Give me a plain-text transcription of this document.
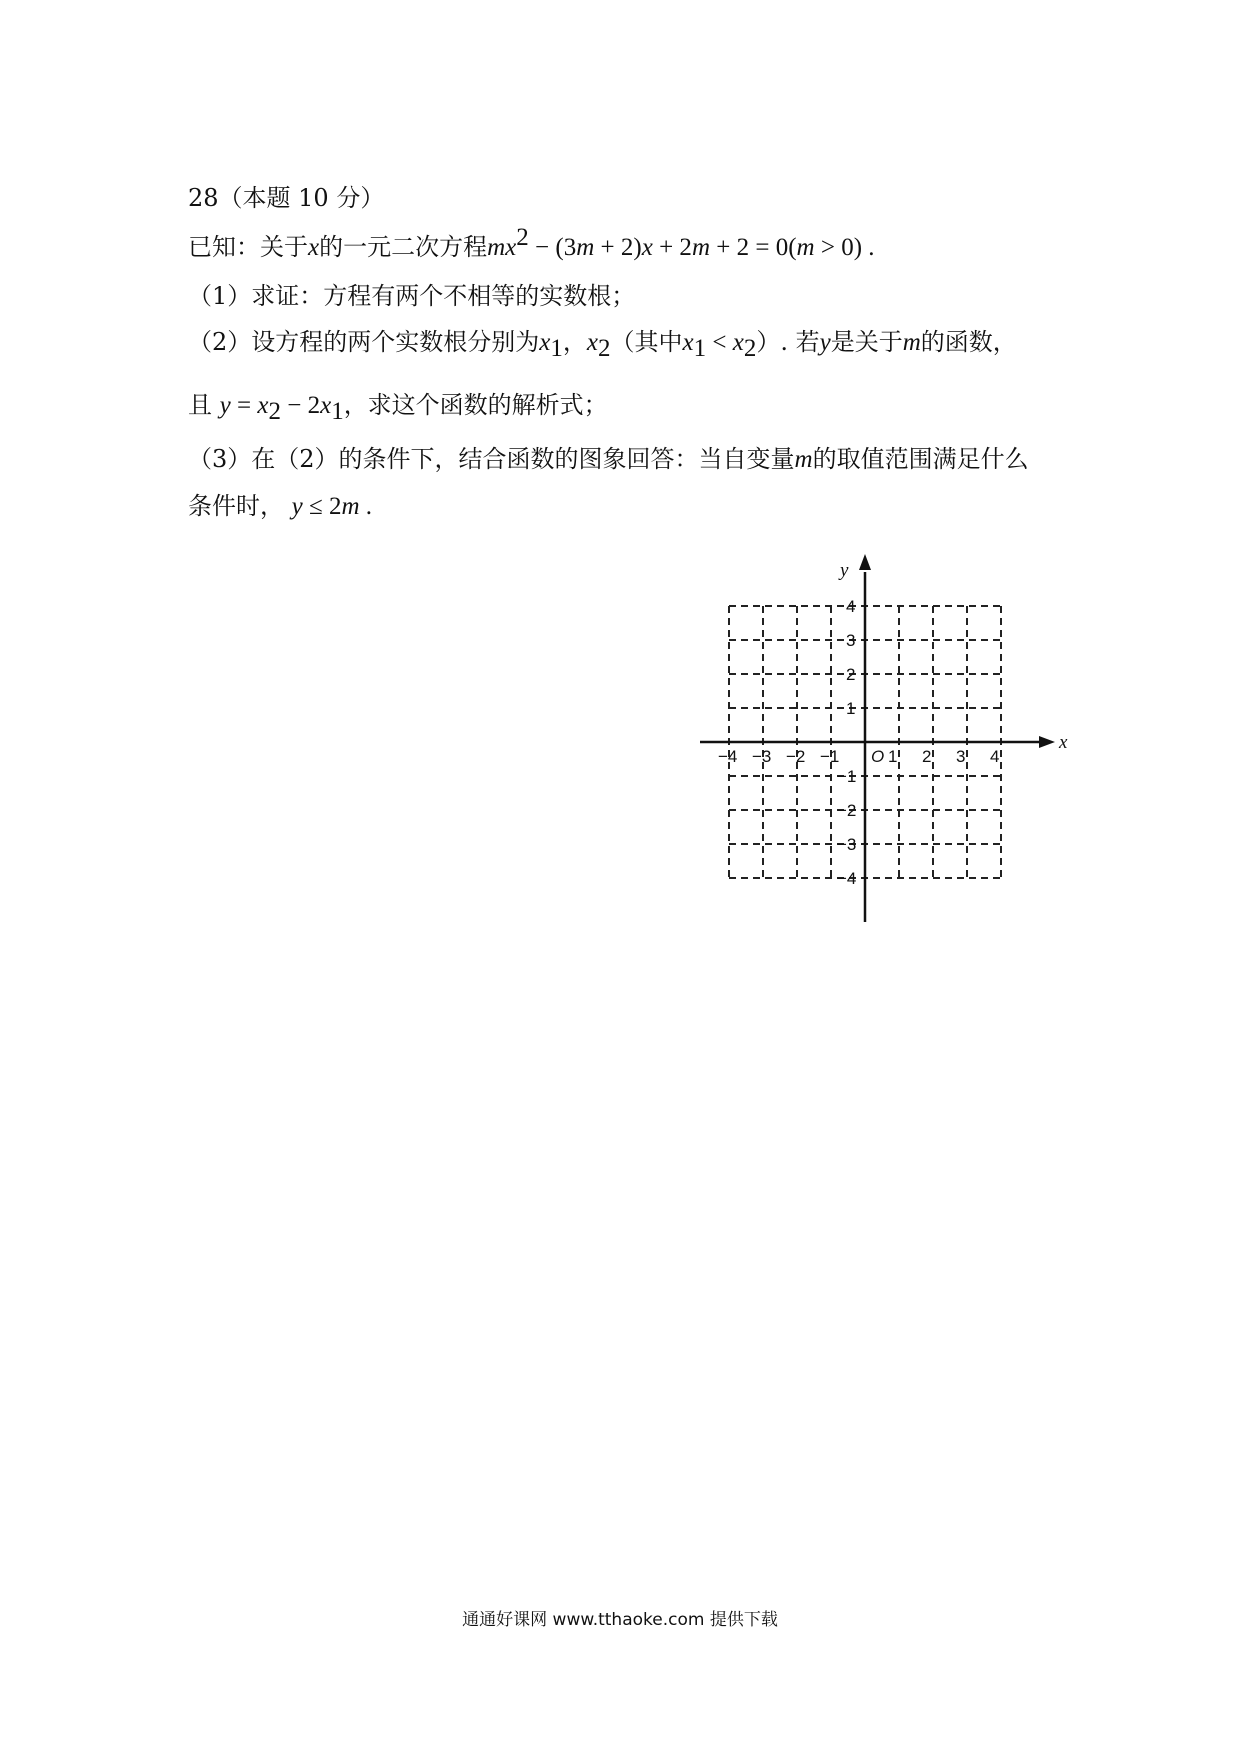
28（本题 10 分）
已知：关于x的一元二次方程$mx^2 - (3m + 2)x + 2m + 2 = 0(m > 0)$ .
（1）求证：方程有两个不相等的实数根；
（2）设方程的两个实数根分别为$x_1$，$x_2$（其中$x_1 < x_2$）. 若y是关于m的函数，
且 $y = x_2 - 2x_1$，求这个函数的解析式；
（3）在（2）的条件下，结合函数的图象回答：当自变量m的取值范围满足什么
条件时， y ≤ 2m .
x
y
O
−4 −3 −2 −1	1 2 3 4
4
3
2
1
−1
−2
−3
−4
通通好课网 www.tthaoke.com 提供下载
